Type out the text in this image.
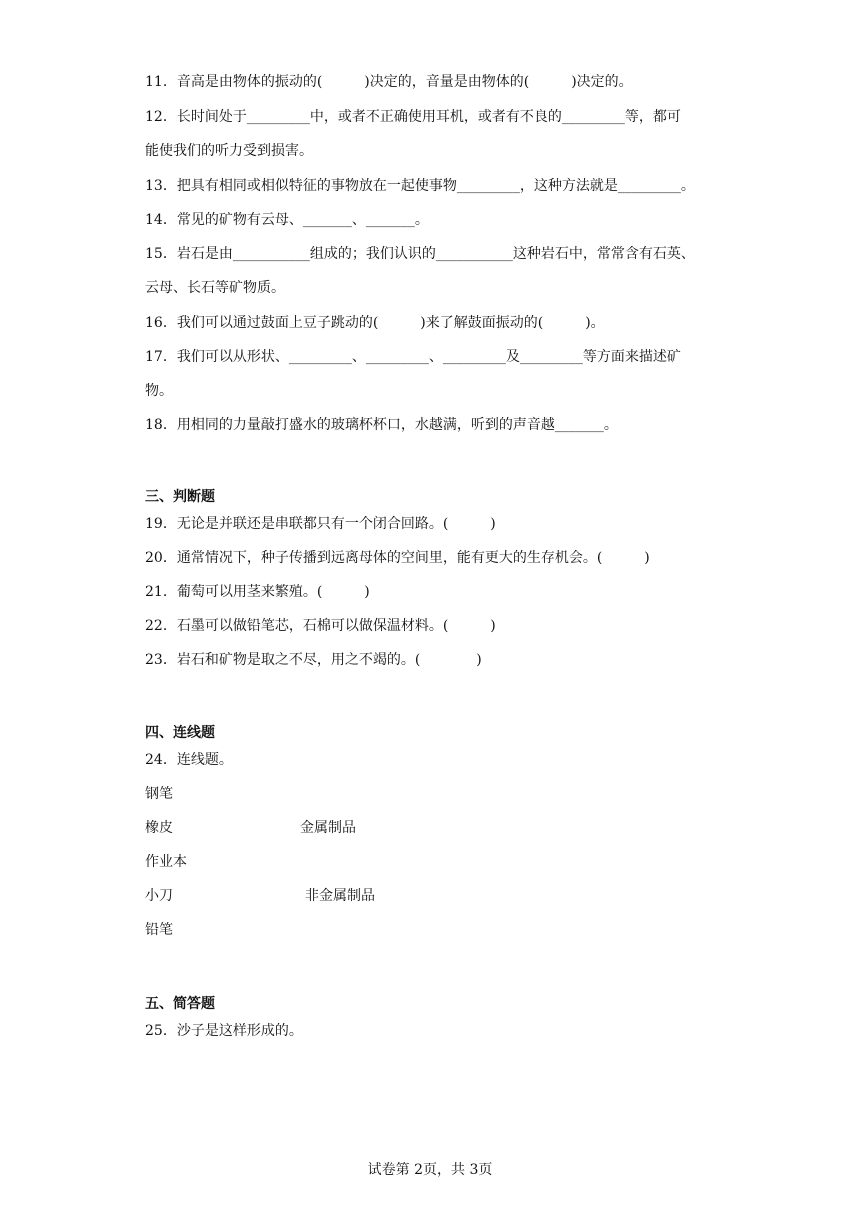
11．音高是由物体的振动的(　　　)决定的，音量是由物体的(　　　)决定的。
12．长时间处于_________中，或者不正确使用耳机，或者有不良的_________等，都可
能使我们的听力受到损害。
13．把具有相同或相似特征的事物放在一起使事物_________，这种方法就是_________。
14．常见的矿物有云母、_______、_______。
15．岩石是由___________组成的；我们认识的___________这种岩石中，常常含有石英、
云母、长石等矿物质。
16．我们可以通过鼓面上豆子跳动的(　　　)来了解鼓面振动的(　　　)。
17．我们可以从形状、_________、_________、_________及_________等方面来描述矿
物。
18．用相同的力量敲打盛水的玻璃杯杯口，水越满，听到的声音越_______。
三、判断题
19．无论是并联还是串联都只有一个闭合回路。(　　　)
20．通常情况下，种子传播到远离母体的空间里，能有更大的生存机会。(　　　)
21．葡萄可以用茎来繁殖。(　　　)
22．石墨可以做铅笔芯，石棉可以做保温材料。(　　　)
23．岩石和矿物是取之不尽，用之不竭的。(　　　　)
四、连线题
24．连线题。
钢笔
橡皮
作业本
小刀
铅笔
金属制品
非金属制品
五、简答题
25．沙子是这样形成的。
试卷第 2页，共 3页
